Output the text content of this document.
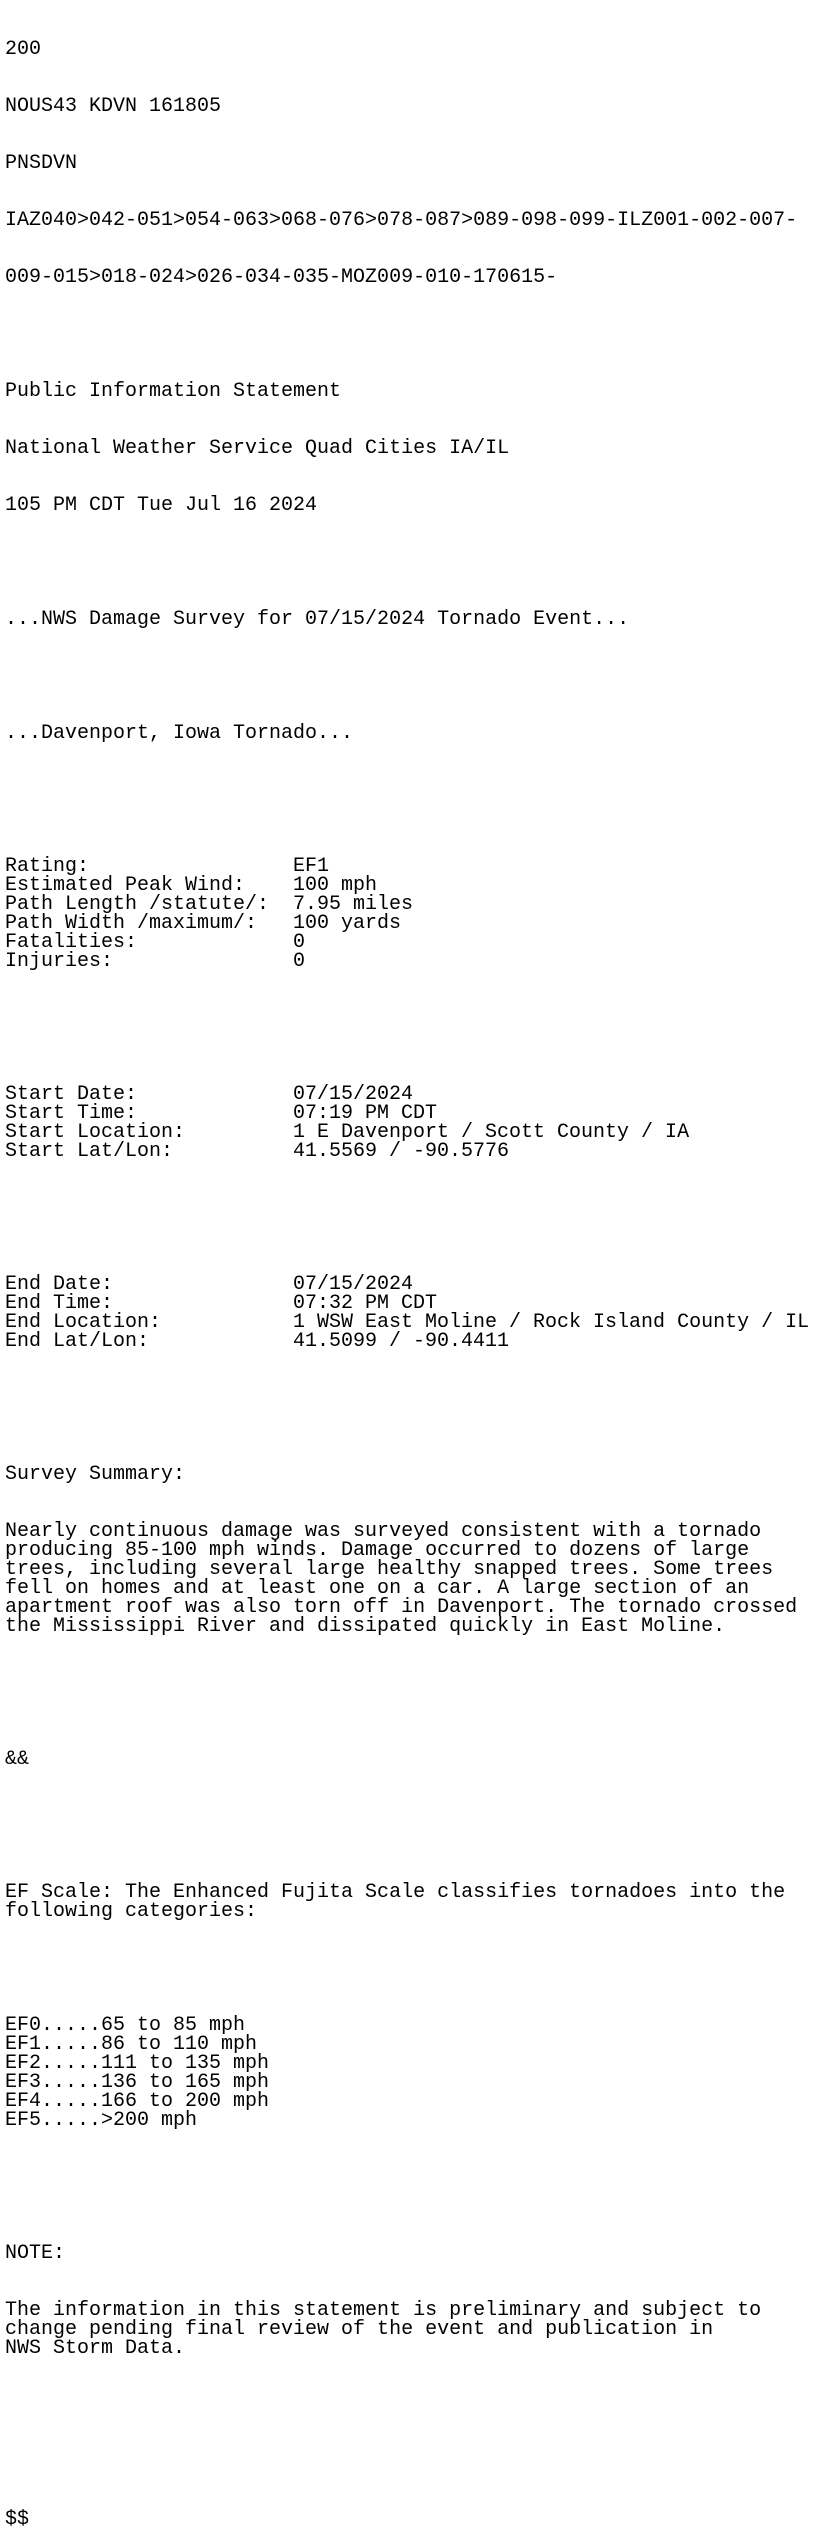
200

NOUS43 KDVN 161805

PNSDVN

IAZ040>042-051>054-063>068-076>078-087>089-098-099-ILZ001-002-007-

009-015>018-024>026-034-035-MOZ009-010-170615-

Public Information Statement

National Weather Service Quad Cities IA/IL

105 PM CDT Tue Jul 16 2024

...NWS Damage Survey for 07/15/2024 Tornado Event...

...Davenport, Iowa Tornado...

Rating:	EF1
Estimated Peak Wind: 100 mph
Path Length /statute/: 7.95 miles
Path Width /maximum/: 100 yards
Fatalities:	0
Injuries:	0

Start Date:	07/15/2024
Start Time:	07:19 PM CDT
Start Location:	1 E Davenport / Scott County / IA
Start Lat/Lon:	41.5569 / -90.5776

End Date:	07/15/2024
End Time:	07:32 PM CDT
End Location:	1 WSW East Moline / Rock Island County / IL
End Lat/Lon:	41.5099 / -90.4411

Survey Summary:

Nearly continuous damage was surveyed consistent with a tornado
producing 85-100 mph winds. Damage occurred to dozens of large
trees, including several large healthy snapped trees. Some trees
fell on homes and at least one on a car. A large section of an
apartment roof was also torn off in Davenport. The tornado crossed
the Mississippi River and dissipated quickly in East Moline.

&&

EF Scale: The Enhanced Fujita Scale classifies tornadoes into the
following categories:

EF0.....65 to 85 mph
EF1.....86 to 110 mph
EF2.....111 to 135 mph
EF3.....136 to 165 mph
EF4.....166 to 200 mph
EF5.....>200 mph

NOTE:

The information in this statement is preliminary and subject to
change pending final review of the event and publication in
NWS Storm Data.

$$
